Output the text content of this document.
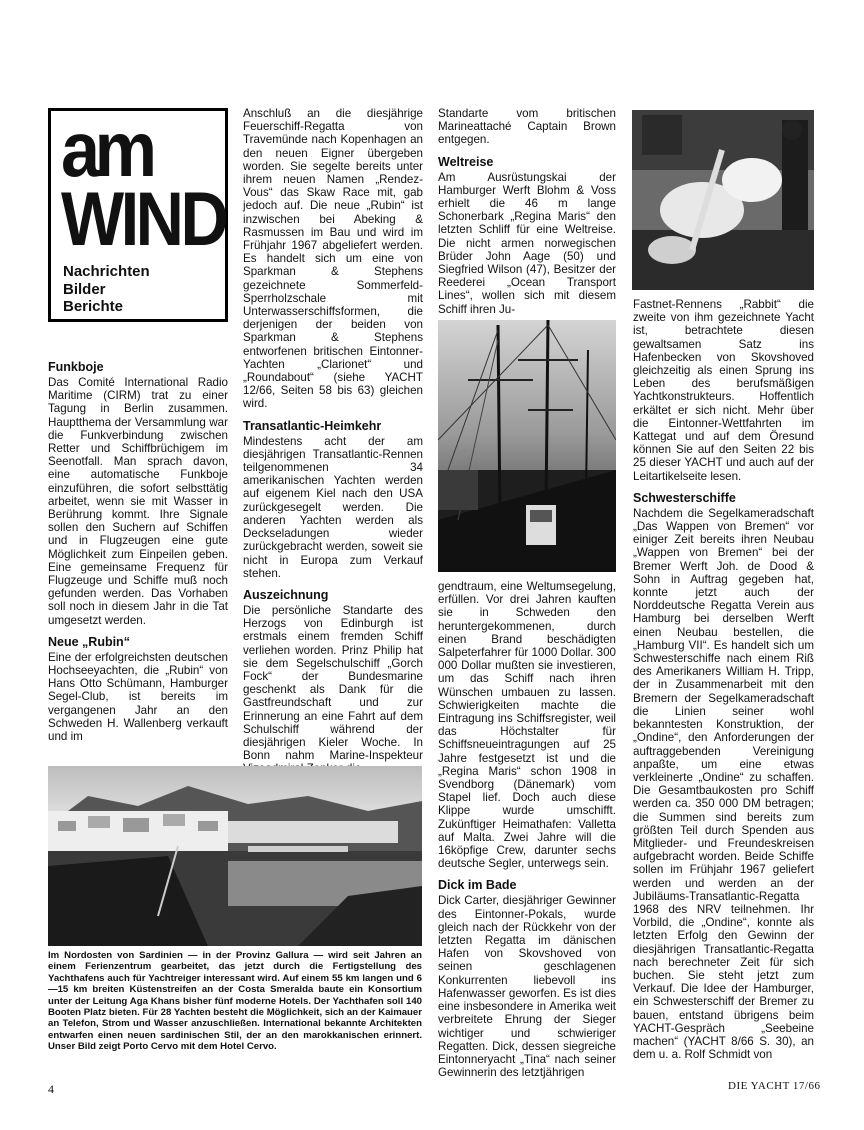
am
WIND
Nachrichten
Bilder
Berichte
Funkboje

Das Comité International Radio Maritime (CIRM) trat zu einer Tagung in Berlin zusammen. Hauptthema der Versammlung war die Funkverbindung zwischen Retter und Schiffbrüchigem im Seenotfall. Man sprach davon, eine automatische Funkboje einzuführen, die sofort selbsttätig arbeitet, wenn sie mit Wasser in Berührung kommt. Ihre Signale sollen den Suchern auf Schiffen und in Flugzeugen eine gute Möglichkeit zum Einpeilen geben. Eine gemeinsame Frequenz für Flugzeuge und Schiffe muß noch gefunden werden. Das Vorhaben soll noch in diesem Jahr in die Tat umgesetzt werden.

Neue „Rubin“

Eine der erfolgreichsten deutschen Hochseeyachten, die „Rubin“ von Hans Otto Schümann, Hamburger Segel-Club, ist bereits im vergangenen Jahr an den Schweden H. Wallenberg verkauft und im

Anschluß an die diesjährige Feuerschiff-Regatta von Travemünde nach Kopenhagen an den neuen Eigner übergeben worden. Sie segelte bereits unter ihrem neuen Namen „Rendez-Vous“ das Skaw Race mit, gab jedoch auf. Die neue „Rubin“ ist inzwischen bei Abeking & Rasmussen im Bau und wird im Frühjahr 1967 abgeliefert werden. Es handelt sich um eine von Sparkman & Stephens gezeichnete Sommerfeld-Sperrholzschale mit Unterwasserschiffsformen, die derjenigen der beiden von Sparkman & Stephens entworfenen britischen Eintonner-Yachten „Clarionet“ und „Roundabout“ (siehe YACHT 12/66, Seiten 58 bis 63) gleichen wird.

Transatlantic-Heimkehr

Mindestens acht der am diesjährigen Transatlantic-Rennen teilgenommenen 34 amerikanischen Yachten werden auf eigenem Kiel nach den USA zurückgesegelt werden. Die anderen Yachten werden als Deckseladungen wieder zurückgebracht werden, soweit sie nicht in Europa zum Verkauf stehen.

Auszeichnung

Die persönliche Standarte des Herzogs von Edinburgh ist erstmals einem fremden Schiff verliehen worden. Prinz Philip hat sie dem Segelschulschiff „Gorch Fock“ der Bundesmarine geschenkt als Dank für die Gastfreundschaft und zur Erinnerung an eine Fahrt auf dem Schulschiff während der diesjährigen Kieler Woche. In Bonn nahm Marine-Inspekteur

Standarte vom britischen Marineattaché Captain Brown entgegen.

Weltreise

Am Ausrüstungskai der Hamburger Werft Blohm & Voss erhielt die 46 m lange Schonerbark „Regina Maris“ den letzten Schliff für eine Weltreise. Die nicht armen norwegischen Brüder John Aage (50) und Siegfried Wilson (47), Besitzer der Reederei „Ocean Transport Lines“, wollen sich mit diesem Schiff ihren Ju-

gendtraum, eine Weltumsegelung, erfüllen. Vor drei Jahren kauften sie in Schweden den heruntergekommenen, durch einen Brand beschädigten Salpeterfahrer für 1000 Dollar. 300 000 Dollar mußten sie investieren, um das Schiff nach ihren Wünschen umbauen zu lassen. Schwierigkeiten machte die Eintragung ins Schiffsregister, weil das Höchstalter für Schiffsneueintragungen auf 25 Jahre festgesetzt ist und die „Regina Maris“ schon 1908 in Svendborg (Dänemark) vom Stapel lief. Doch auch diese Klippe wurde umschifft. Zukünftiger Heimathafen: Valletta auf Malta. Zwei Jahre will die 16köpfige Crew, darunter sechs deutsche Segler, unterwegs sein.

Dick im Bade

Dick Carter, diesjähriger Gewinner des Eintonner-Pokals, wurde gleich nach der Rückkehr von der letzten Regatta im dänischen Hafen von Skovshoved von seinen geschlagenen Konkurrenten liebevoll ins Hafenwasser geworfen. Es ist dies eine insbesondere in Amerika weit verbreitete Ehrung der Sieger wichtiger und schwieriger Regatten. Dick, dessen siegreiche Eintonneryacht „Tina“ nach seiner Gewinnerin des letztjährigen

Fastnet-Rennens „Rabbit“ die zweite von ihm gezeichnete Yacht ist, betrachtete diesen gewaltsamen Satz ins Hafenbecken von Skovshoved gleichzeitig als einen Sprung ins Leben des berufsmäßigen Yachtkonstrukteurs. Hoffentlich erkältet er sich nicht. Mehr über die Eintonner-Wettfahrten im Kattegat und auf dem Öresund können Sie auf den Seiten 22 bis 25 dieser YACHT und auch auf der Leitartikelseite lesen.

Schwesterschiffe

Nachdem die Segelkameradschaft „Das Wappen von Bremen“ vor einiger Zeit bereits ihren Neubau „Wappen von Bremen“ bei der Bremer Werft Joh. de Dood & Sohn in Auftrag gegeben hat, konnte jetzt auch der Norddeutsche Regatta Verein aus Hamburg bei derselben Werft einen Neubau bestellen, die „Hamburg VII“. Es handelt sich um Schwesterschiffe nach einem Riß des Amerikaners William H. Tripp, der in Zusammenarbeit mit den Bremern der Segelkameradschaft die Linien seiner wohl bekanntesten Konstruktion, der „Ondine“, den Anforderungen der auftraggebenden Vereinigung anpaßte, um eine etwas verkleinerte „Ondine“ zu schaffen. Die Gesamtbaukosten pro Schiff werden ca. 350 000 DM betragen; die Summen sind bereits zum größten Teil durch Spenden aus Mitglieder- und Freundeskreisen aufgebracht worden. Beide Schiffe sollen im Frühjahr 1967 geliefert werden und werden an der Jubiläums-Transatlantic-Regatta 1968 des NRV teilnehmen. Ihr Vorbild, die „Ondine“, konnte als letzten Erfolg den Gewinn der diesjährigen Transatlantic-Regatta nach berechneter Zeit für sich buchen. Sie steht jetzt zum Verkauf. Die Idee der Hamburger, ein Schwesterschiff der Bremer zu bauen, entstand übrigens beim YACHT-Gespräch „Seebeine machen“ (YACHT 8/66 S. 30), an dem u. a. Rolf Schmidt von

Im Nordosten von Sardinien — in der Provinz Gallura — wird seit Jahren an einem Ferienzentrum gearbeitet, das jetzt durch die Fertigstellung des Yachthafens auch für Yachtreiger interessant wird. Auf einem 55 km langen und 6—15 km breiten Küstenstreifen an der Costa Smeralda baute ein Konsortium unter der Leitung Aga Khans bisher fünf moderne Hotels. Der Yachthafen soll 140 Booten Platz bieten. Für 28 Yachten besteht die Möglichkeit, sich an der Kaimauer an Telefon, Strom und Wasser anzuschließen. International bekannte Architekten entwarfen einen neuen sardinischen Stil, der an den marokkanischen erinnert. Unser Bild zeigt Porto Cervo mit dem Hotel Cervo.
4	DIE YACHT 17/66
